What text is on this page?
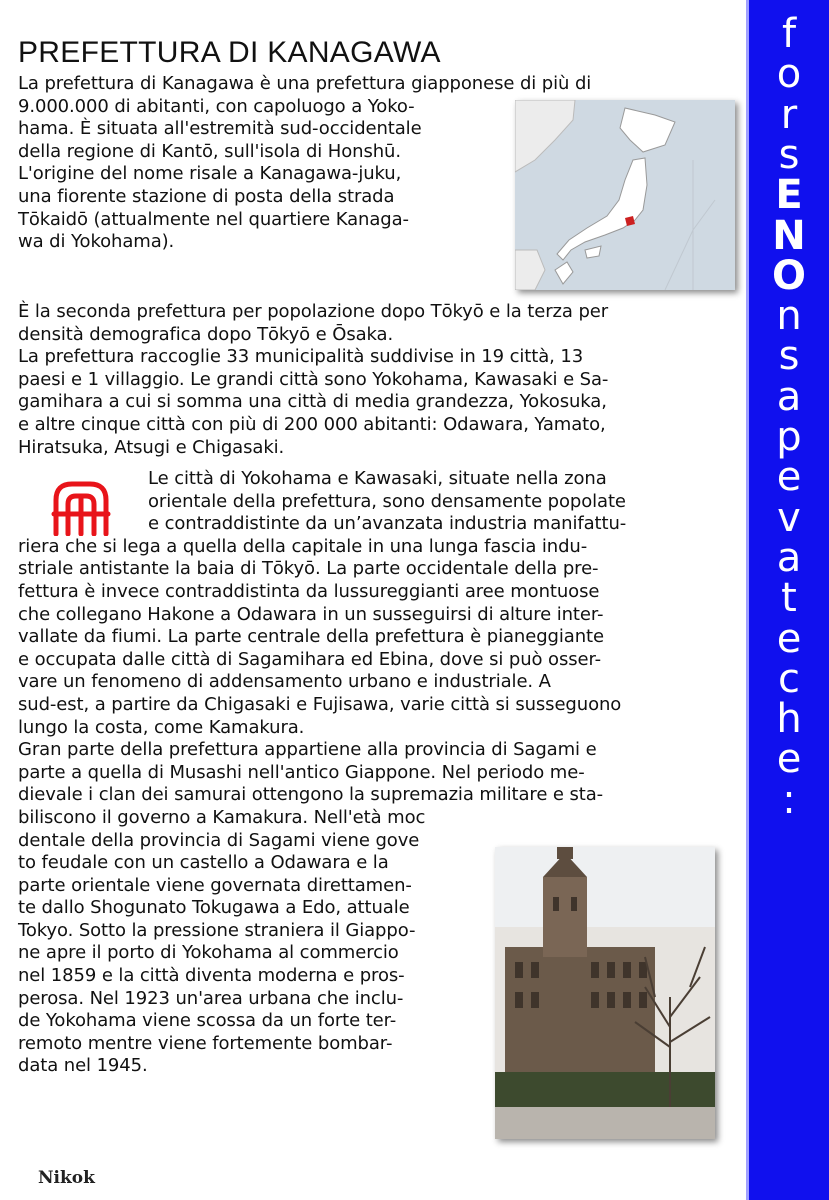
PREFETTURA DI KANAGAWA
La prefettura di Kanagawa è una prefettura giapponese di più di
9.000.000 di abitanti, con capoluogo a Yoko-
hama. È situata all'estremità sud-occidentale
della regione di Kantō, sull'isola di Honshū.
L'origine del nome risale a Kanagawa-juku,
una fiorente stazione di posta della strada
Tōkaidō (attualmente nel quartiere Kanaga-
wa di Yokohama).
È la seconda prefettura per popolazione dopo Tōkyō e la terza per
densità demografica dopo Tōkyō e Ōsaka.
La prefettura raccoglie 33 municipalità suddivise in 19 città, 13
paesi e 1 villaggio. Le grandi città sono Yokohama, Kawasaki e Sa-
gamihara a cui si somma una città di media grandezza, Yokosuka,
e altre cinque città con più di 200 000 abitanti: Odawara, Yamato,
Hiratsuka, Atsugi e Chigasaki.
Le città di Yokohama e Kawasaki, situate nella zona
orientale della prefettura, sono densamente popolate
e contraddistinte da un’avanzata industria manifattu-
riera che si lega a quella della capitale in una lunga fascia indu-
striale antistante la baia di Tōkyō. La parte occidentale della pre-
fettura è invece contraddistinta da lussureggianti aree montuose
che collegano Hakone a Odawara in un susseguirsi di alture inter-
vallate da fiumi. La parte centrale della prefettura è pianeggiante
e occupata dalle città di Sagamihara ed Ebina, dove si può osser-
vare un fenomeno di addensamento urbano e industriale. A
sud-est, a partire da Chigasaki e Fujisawa, varie città si susseguono
lungo la costa, come Kamakura.
Gran parte della prefettura appartiene alla provincia di Sagami e
parte a quella di Musashi nell'antico Giappone. Nel periodo me-
dievale i clan dei samurai ottengono la supremazia militare e sta-
biliscono il governo a Kamakura. Nell'età moc
dentale della provincia di Sagami viene gove
to feudale con un castello a Odawara e la
parte orientale viene governata direttamen-
te dallo Shogunato Tokugawa a Edo, attuale
Tokyo. Sotto la pressione straniera il Giappo-
ne apre il porto di Yokohama al commercio
nel 1859 e la città diventa moderna e pros-
perosa. Nel 1923 un'area urbana che inclu-
de Yokohama viene scossa da un forte ter-
remoto mentre viene fortemente bombar-
data nel 1945.
Nikok
f
o
r
s
E
N
O
n
s
a
p
e
v
a
t
e
c
h
e
:
